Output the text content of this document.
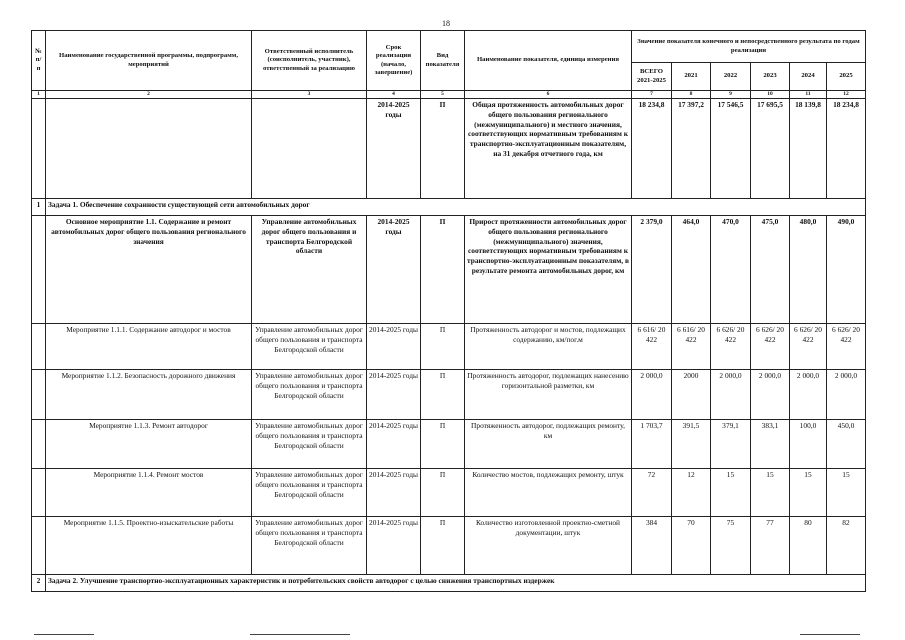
18
№ п/п	Наименование государственной программы, подпрограмм, мероприятий	Ответственный исполнитель (соисполнитель, участник), ответственный за реализацию	Срок реализации (начало, завершение)	Вид показателя	Наименование показателя, единица измерения	Значение показателя конечного и непосредственного результата по годам реализации					
						ВСЕГО 2021-2025	2021	2022	2023	2024	2025
1	2	3	4	5	6	7	8	9	10	11	12
			2014-2025 годы	П	Общая протяженность автомобильных дорог общего пользования регионального (межмуниципального) и местного значения, соответствующих нормативным требованиям к транспортно-эксплуатационным показателям, на 31 декабря отчетного года, км	18 234,8	17 397,2	17 546,5	17 695,5	18 139,8	18 234,8
1	Задача 1. Обеспечение сохранности существующей сети автомобильных дорог										
	Основное мероприятие 1.1. Содержание и ремонт автомобильных дорог общего пользования регионального значения	Управление автомобильных дорог общего пользования и транспорта Белгородской области	2014-2025 годы	П	Прирост протяженности автомобильных дорог общего пользования регионального (межмуниципального) значения, соответствующих нормативным требованиям к транспортно-эксплуатационным показателям, в результате ремонта автомобильных дорог, км	2 379,0	464,0	470,0	475,0	480,0	490,0
	Мероприятие 1.1.1. Содержание автодорог и мостов	Управление автомобильных дорог общего пользования и транспорта Белгородской области	2014-2025 годы	П	Протяженность автодорог и мостов, подлежащих содержанию, км/пог.м	6 616/ 20 422	6 616/ 20 422	6 626/ 20 422	6 626/ 20 422	6 626/ 20 422	6 626/ 20 422
	Мероприятие 1.1.2. Безопасность дорожного движения	Управление автомобильных дорог общего пользования и транспорта Белгородской области	2014-2025 годы	П	Протяженность автодорог, подлежащих нанесению горизонтальной разметки, км	2 000,0	2000	2 000,0	2 000,0	2 000,0	2 000,0
	Мероприятие 1.1.3. Ремонт автодорог	Управление автомобильных дорог общего пользования и транспорта Белгородской области	2014-2025 годы	П	Протяженность автодорог, подлежащих ремонту, км	1 703,7	391,5	379,1	383,1	100,0	450,0
	Мероприятие 1.1.4. Ремонт мостов	Управление автомобильных дорог общего пользования и транспорта Белгородской области	2014-2025 годы	П	Количество мостов, подлежащих ремонту, штук	72	12	15	15	15	15
	Мероприятие 1.1.5. Проектно-изыскательские работы	Управление автомобильных дорог общего пользования и транспорта Белгородской области	2014-2025 годы	П	Количество изготовленной проектно-сметной документации, штук	384	70	75	77	80	82
2	Задача 2. Улучшение транспортно-эксплуатационных характеристик и потребительских свойств автодорог с целью снижения транспортных издержек										
